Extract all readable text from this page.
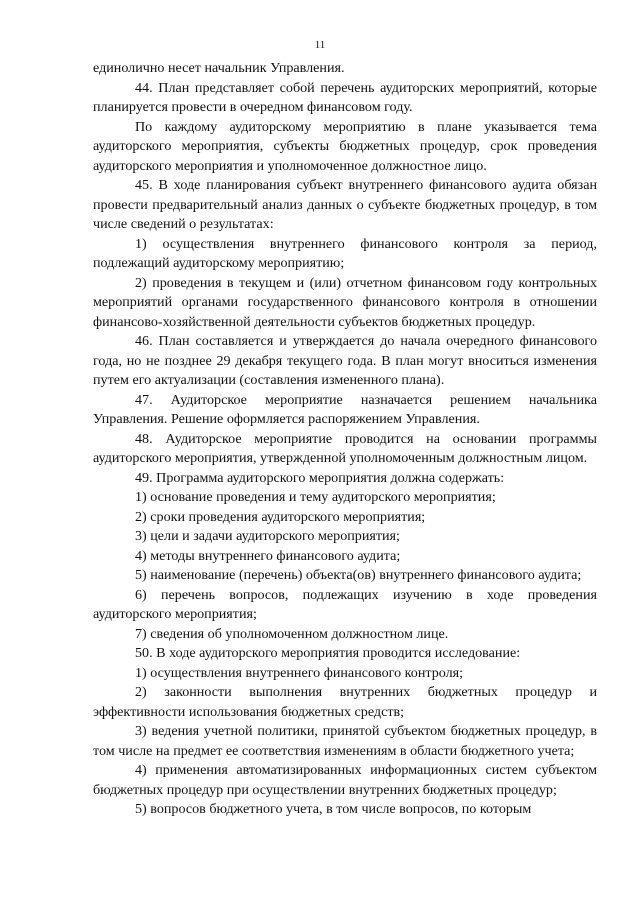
11

единолично несет начальник Управления.

44. План представляет собой перечень аудиторских мероприятий, которые планируется провести в очередном финансовом году.

По каждому аудиторскому мероприятию в плане указывается тема аудиторского мероприятия, субъекты бюджетных процедур, срок проведения аудиторского мероприятия и уполномоченное должностное лицо.

45. В ходе планирования субъект внутреннего финансового аудита обязан провести предварительный анализ данных о субъекте бюджетных процедур, в том числе сведений о результатах:

1) осуществления внутреннего финансового контроля за период, подлежащий аудиторскому мероприятию;

2) проведения в текущем и (или) отчетном финансовом году контрольных мероприятий органами государственного финансового контроля в отношении финансово-хозяйственной деятельности субъектов бюджетных процедур.

46. План составляется и утверждается до начала очередного финансового года, но не позднее 29 декабря текущего года. В план могут вноситься изменения путем его актуализации (составления измененного плана).

47. Аудиторское мероприятие назначается решением начальника Управления. Решение оформляется распоряжением Управления.

48. Аудиторское мероприятие проводится на основании программы аудиторского мероприятия, утвержденной уполномоченным должностным лицом.

49. Программа аудиторского мероприятия должна содержать:

1) основание проведения и тему аудиторского мероприятия;

2) сроки проведения аудиторского мероприятия;

3) цели и задачи аудиторского мероприятия;

4) методы внутреннего финансового аудита;

5) наименование (перечень) объекта(ов) внутреннего финансового аудита;

6) перечень вопросов, подлежащих изучению в ходе проведения аудиторского мероприятия;

7) сведения об уполномоченном должностном лице.

50. В ходе аудиторского мероприятия проводится исследование:

1) осуществления внутреннего финансового контроля;

2) законности выполнения внутренних бюджетных процедур и эффективности использования бюджетных средств;

3) ведения учетной политики, принятой субъектом бюджетных процедур, в том числе на предмет ее соответствия изменениям в области бюджетного учета;

4) применения автоматизированных информационных систем субъектом бюджетных процедур при осуществлении внутренних бюджетных процедур;

5) вопросов бюджетного учета, в том числе вопросов, по которым
